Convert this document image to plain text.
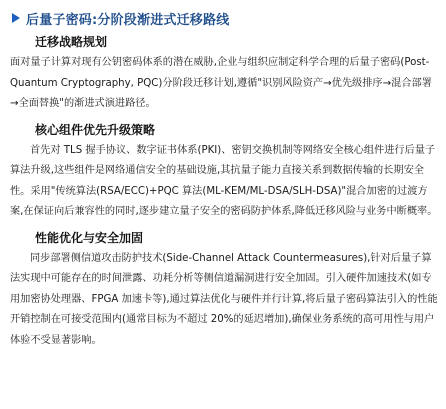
后量子密码:分阶段渐进式迁移路线
迁移战略规划
面对量子计算对现有公钥密码体系的潜在威胁,企业与组织应制定科学合理的后量子密码(Post-Quantum Cryptography, PQC)分阶段迁移计划,遵循"识别风险资产→优先级排序→混合部署→全面替换"的渐进式演进路径。
核心组件优先升级策略
首先对 TLS 握手协议、数字证书体系(PKI)、密钥交换机制等网络安全核心组件进行后量子算法升级,这些组件是网络通信安全的基础设施,其抗量子能力直接关系到数据传输的长期安全性。采用"传统算法(RSA/ECC)+PQC 算法(ML-KEM/ML-DSA/SLH-DSA)"混合加密的过渡方案,在保证向后兼容性的同时,逐步建立量子安全的密码防护体系,降低迁移风险与业务中断概率。
性能优化与安全加固
同步部署侧信道攻击防护技术(Side-Channel Attack Countermeasures),针对后量子算法实现中可能存在的时间泄露、功耗分析等侧信道漏洞进行安全加固。引入硬件加速技术(如专用加密协处理器、FPGA 加速卡等),通过算法优化与硬件并行计算,将后量子密码算法引入的性能开销控制在可接受范围内(通常目标为不超过 20%的延迟增加),确保业务系统的高可用性与用户体验不受显著影响。
